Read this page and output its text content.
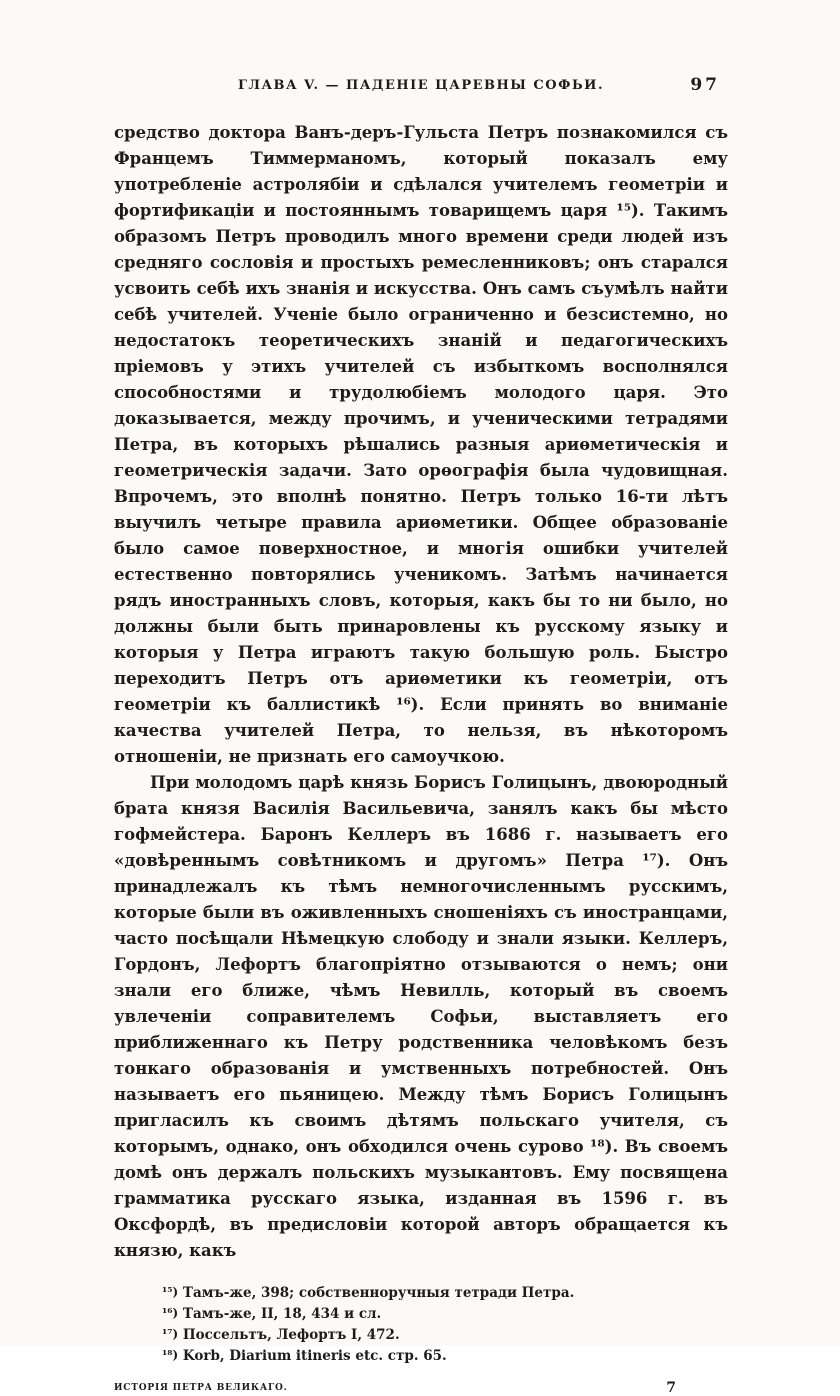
ГЛАВА V. — ПАДЕНІЕ ЦАРЕВНЫ СОФЬИ.	97

средство доктора Ванъ-деръ-Гульста Петръ познакомился съ Францемъ Тиммерманомъ, который показалъ ему употребленіе астролябіи и сдѣлался учителемъ геометріи и фортификаціи и постояннымъ товарищемъ царя ¹⁵). Такимъ образомъ Петръ проводилъ много времени среди людей изъ средняго сословія и простыхъ ремесленниковъ; онъ старался усвоить себѣ ихъ знанія и искусства. Онъ самъ съумѣлъ найти себѣ учителей. Ученіе было ограниченно и безсистемно, но недостатокъ теоретическихъ знаній и педагогическихъ пріемовъ у этихъ учителей съ избыткомъ восполнялся способностями и трудолюбіемъ молодого царя. Это доказывается, между прочимъ, и ученическими тетрадями Петра, въ которыхъ рѣшались разныя ариѳметическія и геометрическія задачи. Зато орѳографія была чудовищная. Впрочемъ, это вполнѣ понятно. Петръ только 16-ти лѣтъ выучилъ четыре правила ариѳметики. Общее образованіе было самое поверхностное, и многія ошибки учителей естественно повторялись ученикомъ. Затѣмъ начинается рядъ иностранныхъ словъ, которыя, какъ бы то ни было, но должны были быть принаровлены къ русскому языку и которыя у Петра играютъ такую большую роль. Быстро переходитъ Петръ отъ ариѳметики къ геометріи, отъ геометріи къ баллистикѣ ¹⁶). Если принять во вниманіе качества учителей Петра, то нельзя, въ нѣкоторомъ отношеніи, не признать его самоучкою.

При молодомъ царѣ князь Борисъ Голицынъ, двоюродный брата князя Василія Васильевича, занялъ какъ бы мѣсто гофмейстера. Баронъ Келлеръ въ 1686 г. называетъ его «довѣреннымъ совѣтникомъ и другомъ» Петра ¹⁷). Онъ принадлежалъ къ тѣмъ немногочисленнымъ русскимъ, которые были въ оживленныхъ сношеніяхъ съ иностранцами, часто посѣщали Нѣмецкую слободу и знали языки. Келлеръ, Гордонъ, Лефортъ благопріятно отзываются о немъ; они знали его ближе, чѣмъ Невилль, который въ своемъ увлеченіи соправителемъ Софьи, выставляетъ его приближеннаго къ Петру родственника человѣкомъ безъ тонкаго образованія и умственныхъ потребностей. Онъ называетъ его пьяницею. Между тѣмъ Борисъ Голицынъ пригласилъ къ своимъ дѣтямъ польскаго учителя, съ которымъ, однако, онъ обходился очень сурово ¹⁸). Въ своемъ домѣ онъ держалъ польскихъ музыкантовъ. Ему посвящена грамматика русскаго языка, изданная въ 1596 г. въ Оксфордѣ, въ предисловіи которой авторъ обращается къ князю, какъ

¹⁵) Тамъ-же, 398; собственноручныя тетради Петра.
¹⁶) Тамъ-же, II, 18, 434 и сл.
¹⁷) Поссельтъ, Лефортъ I, 472.
¹⁸) Korb, Diarium itineris etc. стр. 65.
ИСТОРІЯ ПЕТРА ВЕЛИКАГО.	7
